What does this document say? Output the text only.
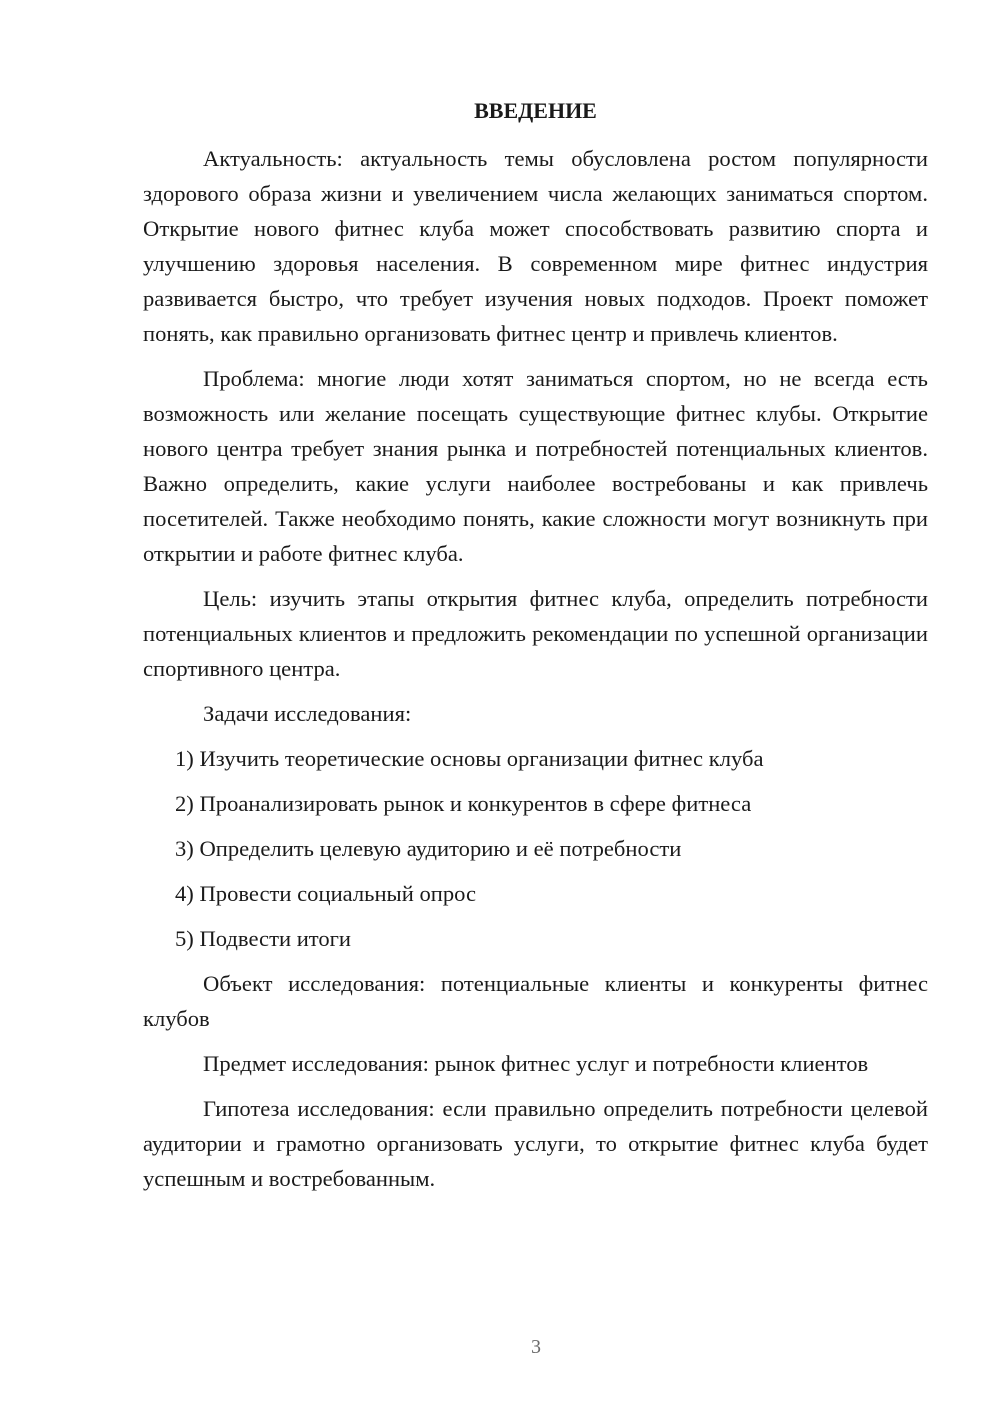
ВВЕДЕНИЕ

Актуальность: актуальность темы обусловлена ростом популярности здорового образа жизни и увеличением числа желающих заниматься спортом. Открытие нового фитнес клуба может способствовать развитию спорта и улучшению здоровья населения. В современном мире фитнес индустрия развивается быстро, что требует изучения новых подходов. Проект поможет понять, как правильно организовать фитнес центр и привлечь клиентов.

Проблема: многие люди хотят заниматься спортом, но не всегда есть возможность или желание посещать существующие фитнес клубы. Открытие нового центра требует знания рынка и потребностей потенциальных клиентов. Важно определить, какие услуги наиболее востребованы и как привлечь посетителей. Также необходимо понять, какие сложности могут возникнуть при открытии и работе фитнес клуба.

Цель: изучить этапы открытия фитнес клуба, определить потребности потенциальных клиентов и предложить рекомендации по успешной организации спортивного центра.

Задачи исследования:

1) Изучить теоретические основы организации фитнес клуба
2) Проанализировать рынок и конкурентов в сфере фитнеса
3) Определить целевую аудиторию и её потребности
4) Провести социальный опрос
5) Подвести итоги

Объект исследования: потенциальные клиенты и конкуренты фитнес клубов

Предмет исследования: рынок фитнес услуг и потребности клиентов

Гипотеза исследования: если правильно определить потребности целевой аудитории и грамотно организовать услуги, то открытие фитнес клуба будет успешным и востребованным.

3
